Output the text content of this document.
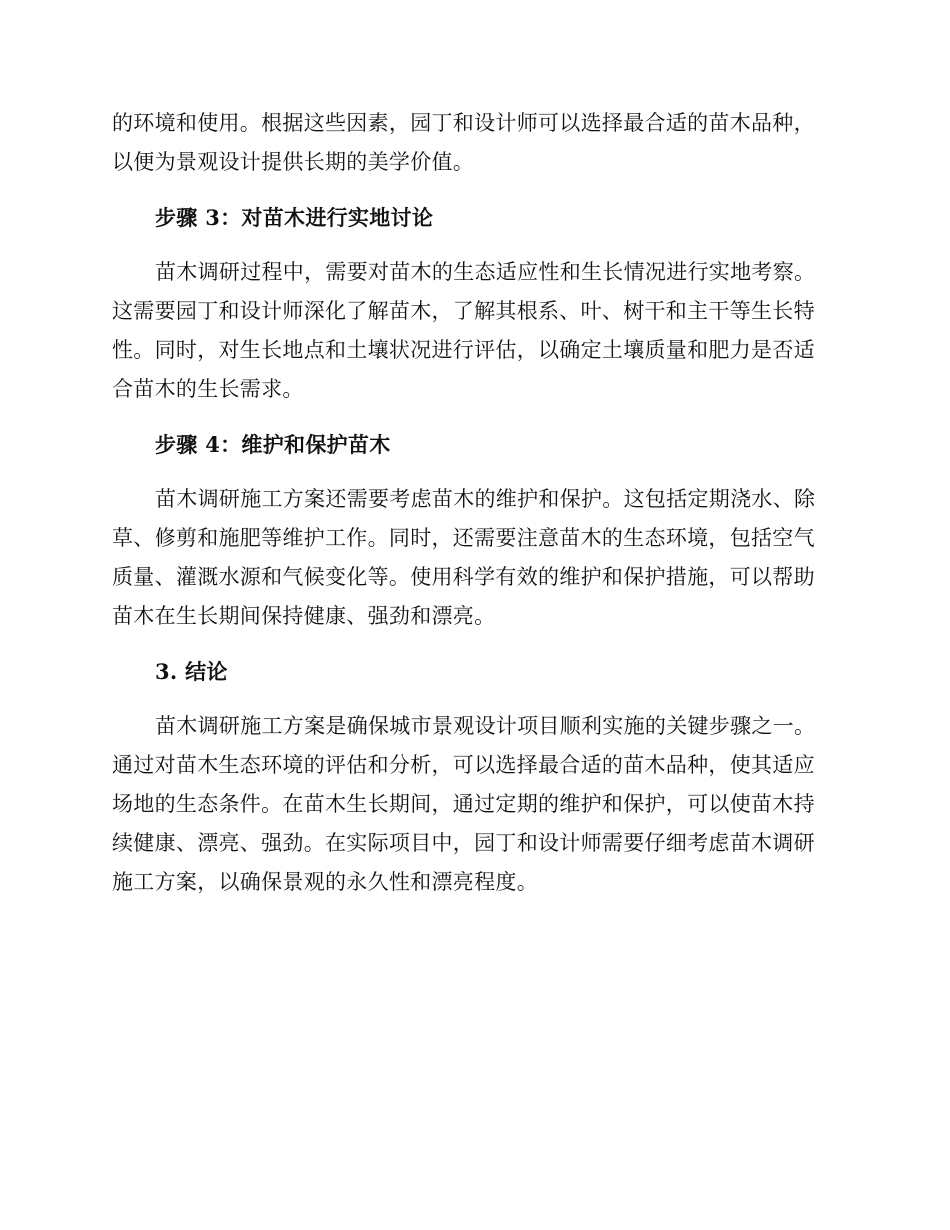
的环境和使用。根据这些因素，园丁和设计师可以选择最合适的苗木品种，

以便为景观设计提供长期的美学价值。

步骤 3：对苗木进行实地讨论

苗木调研过程中，需要对苗木的生态适应性和生长情况进行实地考察。

这需要园丁和设计师深化了解苗木，了解其根系、叶、树干和主干等生长特

性。同时，对生长地点和土壤状况进行评估，以确定土壤质量和肥力是否适

合苗木的生长需求。

步骤 4：维护和保护苗木

苗木调研施工方案还需要考虑苗木的维护和保护。这包括定期浇水、除

草、修剪和施肥等维护工作。同时，还需要注意苗木的生态环境，包括空气

质量、灌溉水源和气候变化等。使用科学有效的维护和保护措施，可以帮助

苗木在生长期间保持健康、强劲和漂亮。

3. 结论

苗木调研施工方案是确保城市景观设计项目顺利实施的关键步骤之一。

通过对苗木生态环境的评估和分析，可以选择最合适的苗木品种，使其适应

场地的生态条件。在苗木生长期间，通过定期的维护和保护，可以使苗木持

续健康、漂亮、强劲。在实际项目中，园丁和设计师需要仔细考虑苗木调研

施工方案，以确保景观的永久性和漂亮程度。
